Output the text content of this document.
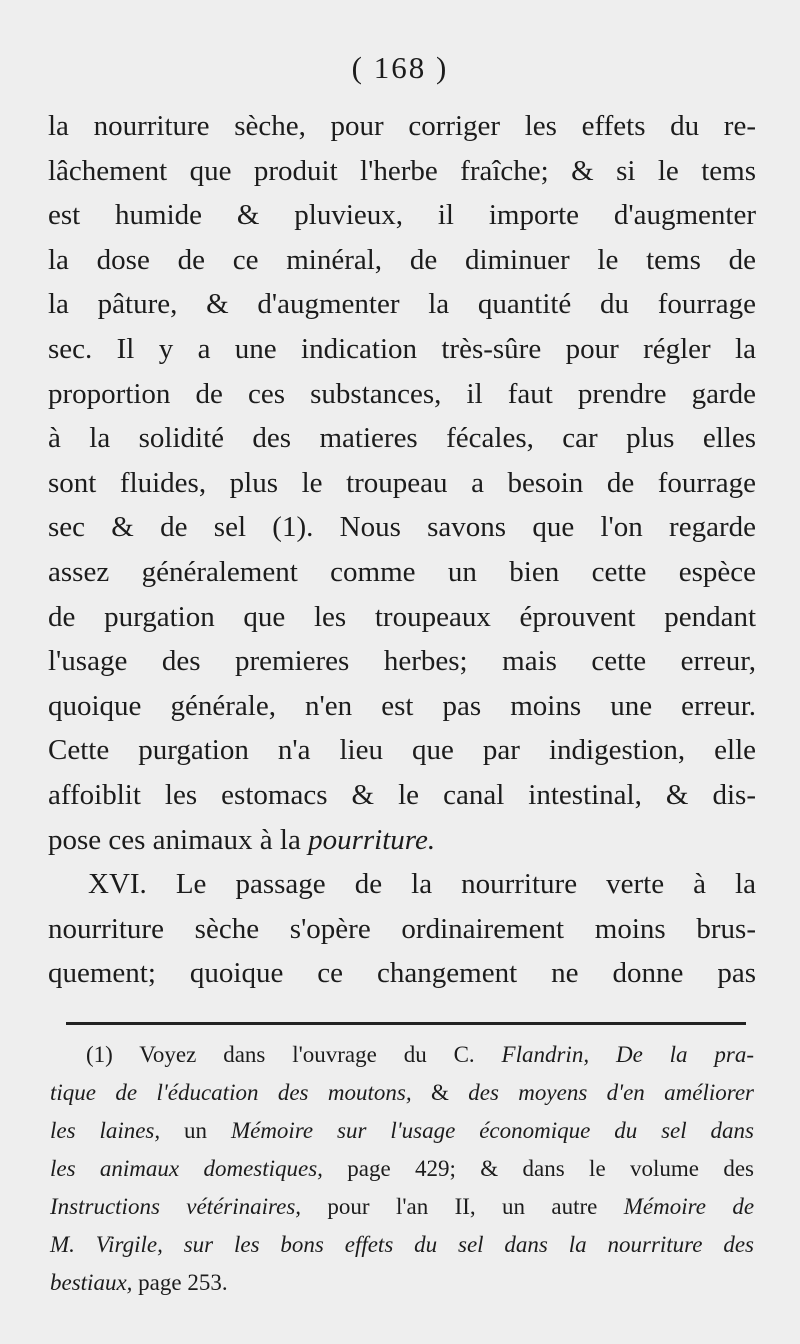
( 168 )
la nourriture sèche, pour corriger les effets du re-
lâchement que produit l'herbe fraîche; & si le tems
est humide & pluvieux, il importe d'augmenter
la dose de ce minéral, de diminuer le tems de
la pâture, & d'augmenter la quantité du fourrage
sec. Il y a une indication très-sûre pour régler la
proportion de ces substances, il faut prendre garde
à la solidité des matieres fécales, car plus elles
sont fluides, plus le troupeau a besoin de fourrage
sec & de sel (1). Nous savons que l'on regarde
assez généralement comme un bien cette espèce
de purgation que les troupeaux éprouvent pendant
l'usage des premieres herbes; mais cette erreur,
quoique générale, n'en est pas moins une erreur.
Cette purgation n'a lieu que par indigestion, elle
affoiblit les estomacs & le canal intestinal, & dis-
pose ces animaux à la pourriture.
XVI. Le passage de la nourriture verte à la
nourriture sèche s'opère ordinairement moins brus-
quement; quoique ce changement ne donne pas
(1) Voyez dans l'ouvrage du C. Flandrin, De la pra-
tique de l'éducation des moutons, & des moyens d'en améliorer
les laines, un Mémoire sur l'usage économique du sel dans
les animaux domestiques, page 429; & dans le volume des
Instructions vétérinaires, pour l'an II, un autre Mémoire de
M. Virgile, sur les bons effets du sel dans la nourriture des
bestiaux, page 253.
